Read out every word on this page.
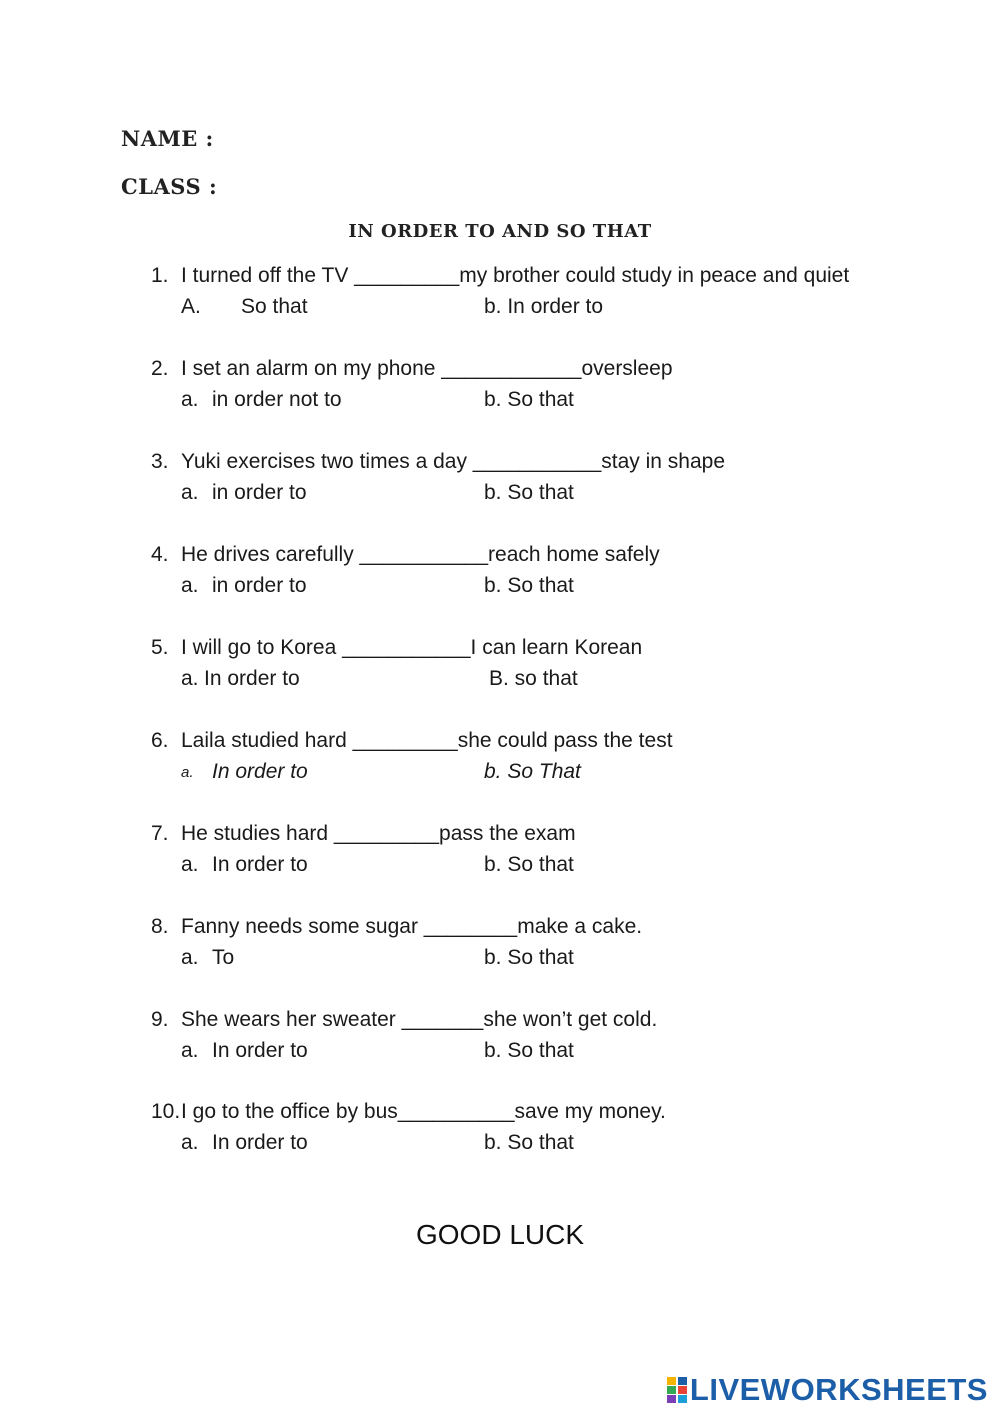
NAME :
CLASS :
IN ORDER TO AND SO THAT
1. I turned off the TV _________my brother could study in peace and quiet
A. So that	b. In order to
2. I set an alarm on my phone ____________oversleep
a. in order not to	b. So that
3. Yuki exercises two times a day ___________stay in shape
a. in order to	b. So that
4. He drives carefully ___________reach home safely
a. in order to	b. So that
5. I will go to Korea ___________I can learn Korean
a. In order to	B. so that
6. Laila studied hard _________she could pass the test
a. In order to	b. So That
7. He studies hard _________pass the exam
a. In order to	b. So that
8. Fanny needs some sugar ________make a cake.
a. To	b. So that
9. She wears her sweater _______she won’t get cold.
a. In order to	b. So that
10. I go to the office by bus__________save my money.
a. In order to	b. So that
GOOD LUCK
LIVEWORKSHEETS
